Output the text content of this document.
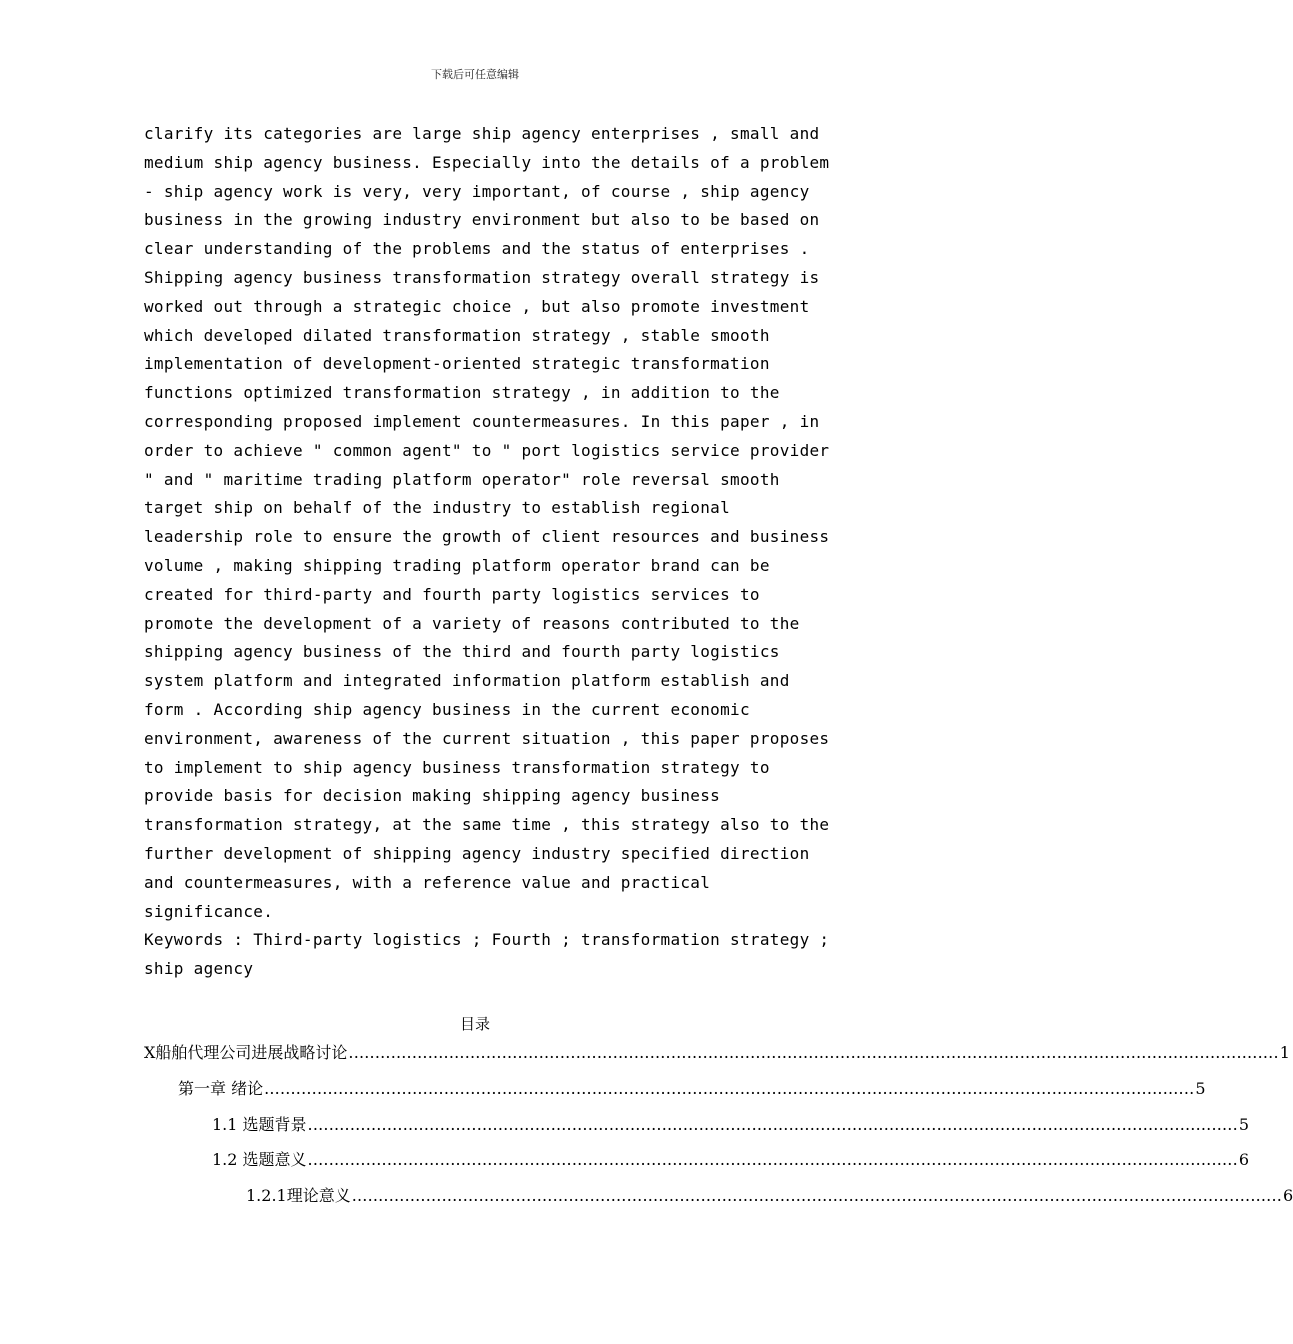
下载后可任意编辑
clarify its categories are large ship agency enterprises , small and
medium ship agency business. Especially into the details of a problem
- ship agency work is very, very important, of course , ship agency
business in the growing industry environment but also to be based on
clear understanding of the problems and the status of enterprises .
Shipping agency business transformation strategy overall strategy is
worked out through a strategic choice , but also promote investment
which developed dilated transformation strategy , stable smooth
implementation of development-oriented strategic transformation
functions optimized transformation strategy , in addition to the
corresponding proposed implement countermeasures. In this paper , in
order to achieve " common agent" to " port logistics service provider
" and " maritime trading platform operator" role reversal smooth
target ship on behalf of the industry to establish regional
leadership role to ensure the growth of client resources and business
volume , making shipping trading platform operator brand can be
created for third-party and fourth party logistics services to
promote the development of a variety of reasons contributed to the
shipping agency business of the third and fourth party logistics
system platform and integrated information platform establish and
form . According ship agency business in the current economic
environment, awareness of the current situation , this paper proposes
to implement to ship agency business transformation strategy to
provide basis for decision making shipping agency business
transformation strategy, at the same time , this strategy also to the
further development of shipping agency industry specified direction
and countermeasures, with a reference value and practical
significance.
Keywords : Third-party logistics ; Fourth ; transformation strategy ;
ship agency
目录
X船舶代理公司进展战略讨论 ................................................................................................................................................................................ 1
第一章 绪论 ................................................................................................................................................................................ 5
1.1 选题背景 ................................................................................................................................................................................ 5
1.2 选题意义 ................................................................................................................................................................................ 6
1.2.1理论意义 ................................................................................................................................................................................ 6
